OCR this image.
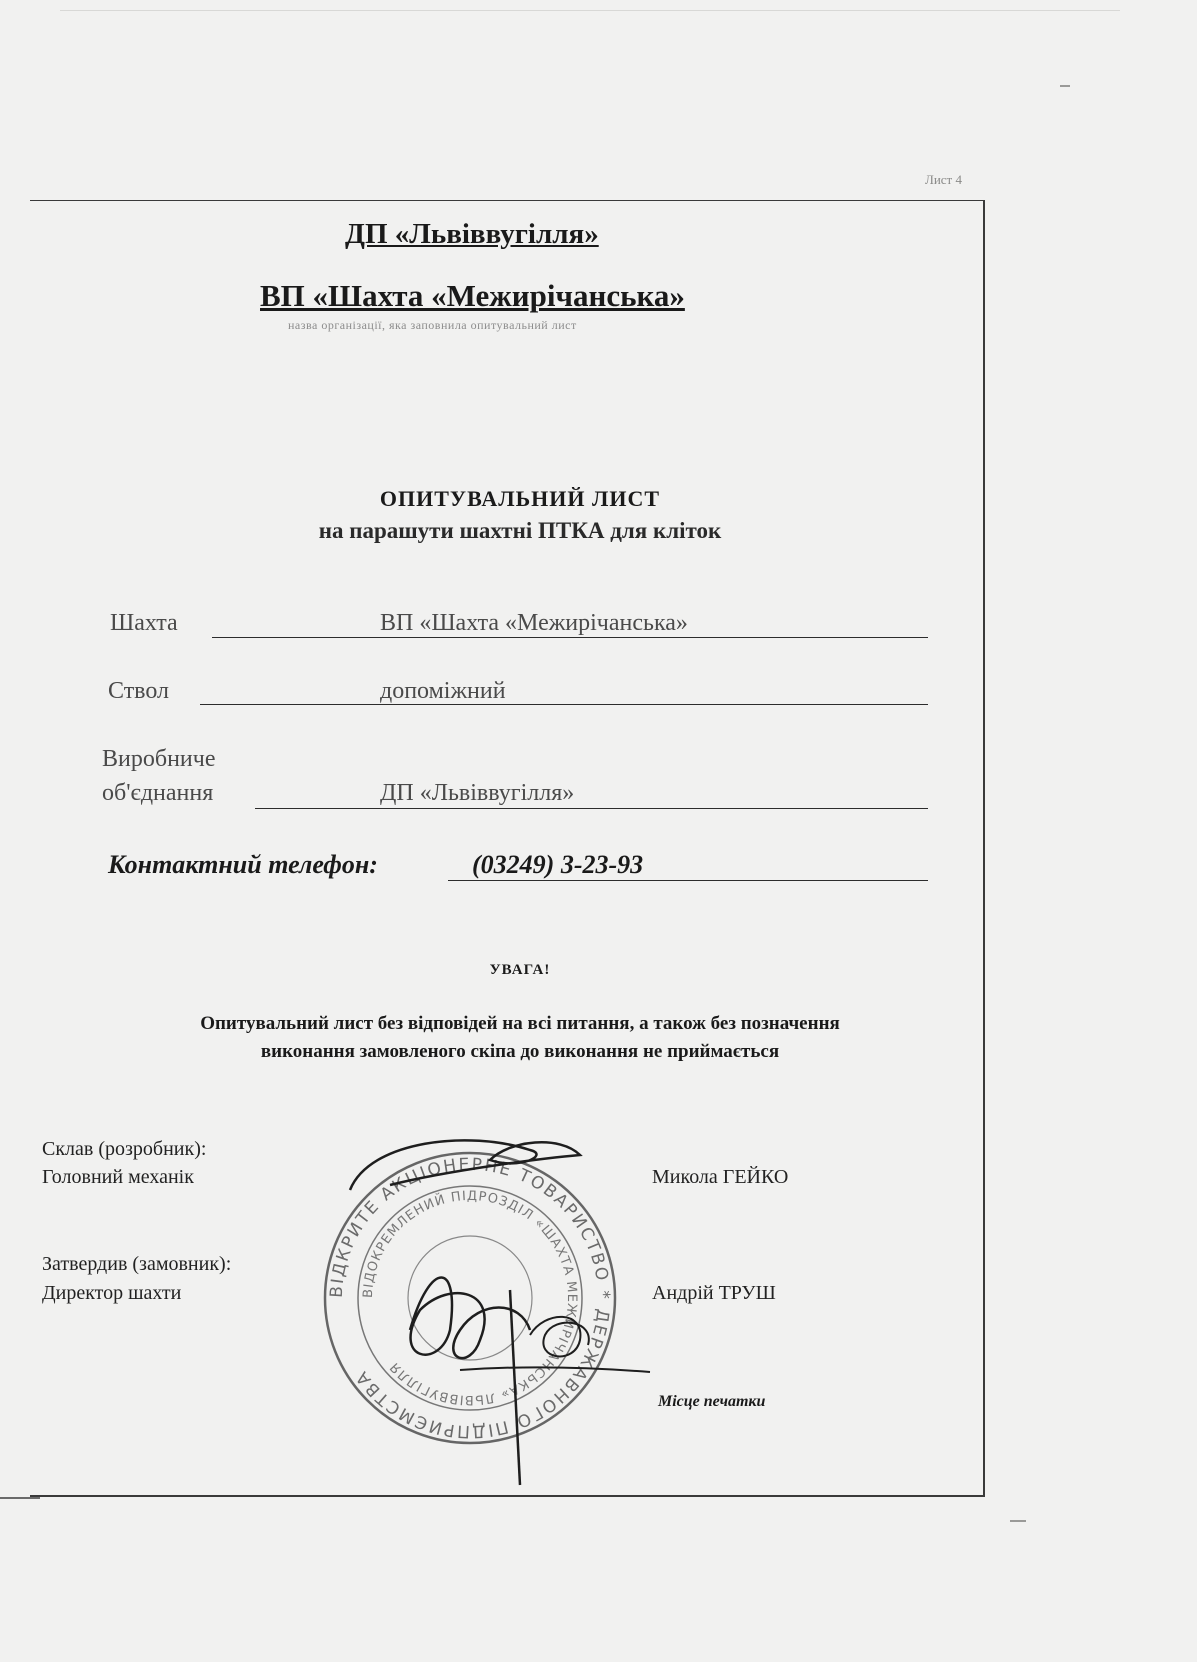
Лист 4
ДП «Львіввугілля»
ВП «Шахта «Межирічанська»
назва організації, яка заповнила опитувальний лист
ОПИТУВАЛЬНИЙ ЛИСТ
на парашути шахтні ПТКА для кліток
Шахта	ВП «Шахта «Межирічанська»
Ствол	допоміжний
Виробниче
об'єднання	ДП «Львіввугілля»
Контактний телефон:	(03249) 3-23-93
УВАГА!
Опитувальний лист без відповідей на всі питання, а також без позначення
виконання замовленого скіпа до виконання не приймається
Склав (розробник):
Головний механік	Микола ГЕЙКО
Затвердив (замовник):
Директор шахти	Андрій ТРУШ
Місце печатки
ВІДКРИТЕ АКЦІОНЕРНЕ ТОВАРИСТВО * ДЕРЖАВНОГО ПІДПРИЄМСТВА
ВІДОКРЕМЛЕНИЙ ПІДРОЗДІЛ «ШАХТА МЕЖИРІЧАНСЬКА» ЛЬВІВВУГІЛЛЯ
